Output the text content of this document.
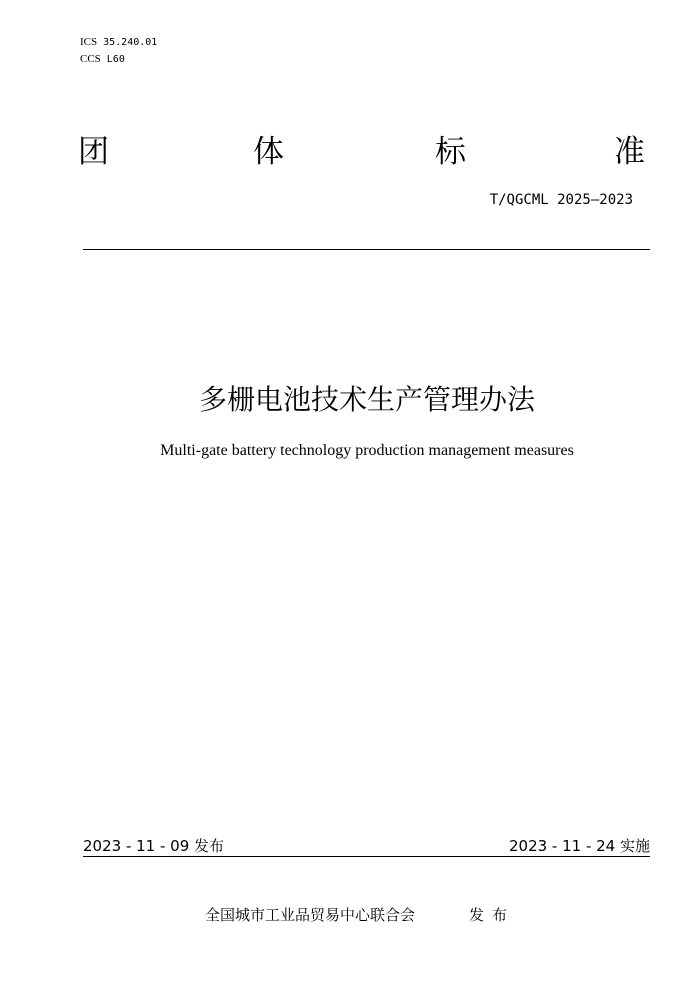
ICS 35.240.01
CCS L60
团	体	标	准
T/QGCML 2025—2023
多栅电池技术生产管理办法
Multi-gate battery technology production management measures
2023 - 11 - 09 发布	2023 - 11 - 24 实施
全国城市工业品贸易中心联合会	发布
